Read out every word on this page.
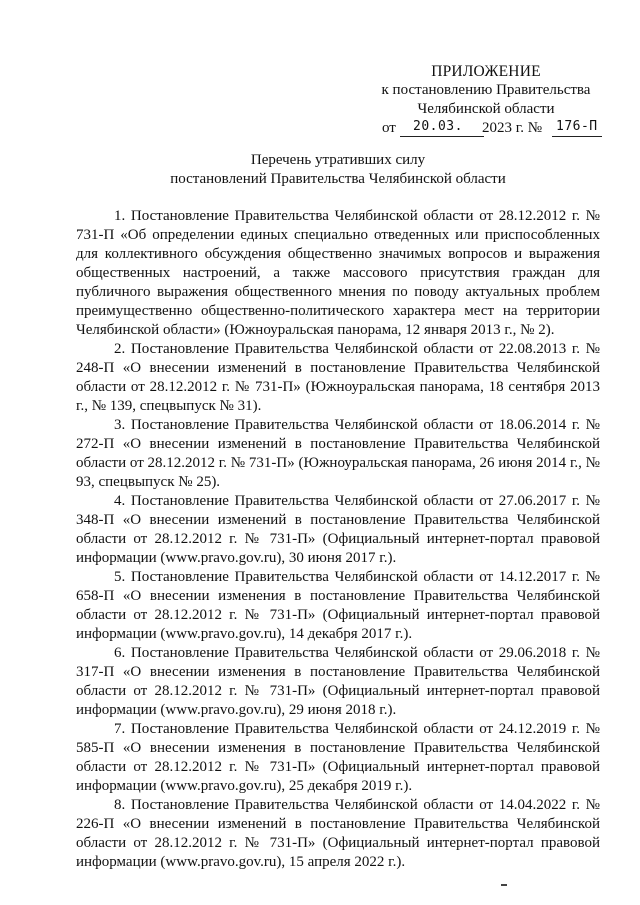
ПРИЛОЖЕНИЕ
к постановлению Правительства
Челябинской области
от 20.03. 2023 г. № 176-П
Перечень утративших силу
постановлений Правительства Челябинской области

1. Постановление Правительства Челябинской области от 28.12.2012 г. № 731-П «Об определении единых специально отведенных или приспособленных для коллективного обсуждения общественно значимых вопросов и выражения общественных настроений, а также массового присутствия граждан для публичного выражения общественного мнения по поводу актуальных проблем преимущественно общественно-политического характера мест на территории Челябинской области» (Южноуральская панорама, 12 января 2013 г., № 2).

2. Постановление Правительства Челябинской области от 22.08.2013 г. № 248-П «О внесении изменений в постановление Правительства Челябинской области от 28.12.2012 г. № 731-П» (Южноуральская панорама, 18 сентября 2013 г., № 139, спецвыпуск № 31).

3. Постановление Правительства Челябинской области от 18.06.2014 г. № 272-П «О внесении изменений в постановление Правительства Челябинской области от 28.12.2012 г. № 731-П» (Южноуральская панорама, 26 июня 2014 г., № 93, спецвыпуск № 25).

4. Постановление Правительства Челябинской области от 27.06.2017 г. № 348-П «О внесении изменений в постановление Правительства Челябинской области от 28.12.2012 г. № 731-П» (Официальный интернет-портал правовой информации (www.pravo.gov.ru), 30 июня 2017 г.).

5. Постановление Правительства Челябинской области от 14.12.2017 г. № 658-П «О внесении изменения в постановление Правительства Челябинской области от 28.12.2012 г. № 731-П» (Официальный интернет-портал правовой информации (www.pravo.gov.ru), 14 декабря 2017 г.).

6. Постановление Правительства Челябинской области от 29.06.2018 г. № 317-П «О внесении изменения в постановление Правительства Челябинской области от 28.12.2012 г. № 731-П» (Официальный интернет-портал правовой информации (www.pravo.gov.ru), 29 июня 2018 г.).

7. Постановление Правительства Челябинской области от 24.12.2019 г. № 585-П «О внесении изменения в постановление Правительства Челябинской области от 28.12.2012 г. № 731-П» (Официальный интернет-портал правовой информации (www.pravo.gov.ru), 25 декабря 2019 г.).

8. Постановление Правительства Челябинской области от 14.04.2022 г. № 226-П «О внесении изменений в постановление Правительства Челябинской области от 28.12.2012 г. № 731-П» (Официальный интернет-портал правовой информации (www.pravo.gov.ru), 15 апреля 2022 г.).
